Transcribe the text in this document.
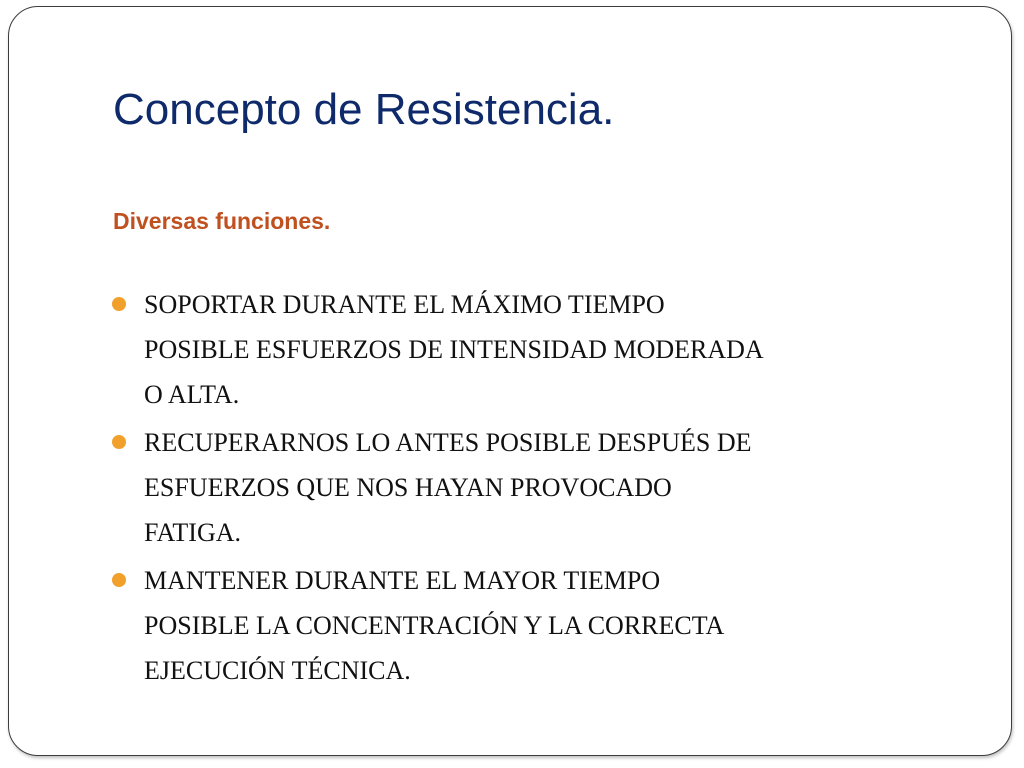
Concepto de Resistencia.
Diversas funciones.
SOPORTAR DURANTE EL MÁXIMO TIEMPO
POSIBLE ESFUERZOS DE INTENSIDAD MODERADA
O ALTA.
RECUPERARNOS LO ANTES POSIBLE DESPUÉS DE
ESFUERZOS QUE NOS HAYAN PROVOCADO
FATIGA.
MANTENER DURANTE EL MAYOR TIEMPO
POSIBLE LA CONCENTRACIÓN Y LA CORRECTA
EJECUCIÓN TÉCNICA.
